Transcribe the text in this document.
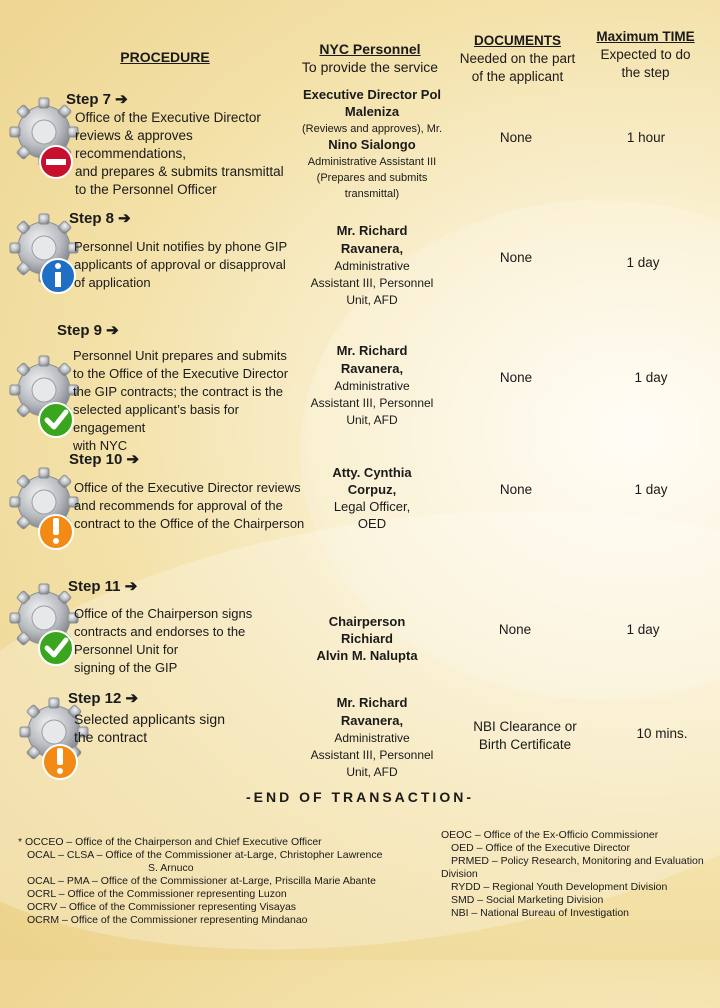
PROCEDURE	NYC Personnel
To provide the service
DOCUMENTS
Needed on the part
of the applicant
Maximum TIME
Expected to do
the step
Step 7 ➔
Office of the Executive Director
reviews & approves
recommendations,
and prepares & submits transmittal
to the Personnel Officer
Executive Director Pol
Maleniza
(Reviews and approves), Mr.
Nino Sialongo
Administrative Assistant III
(Prepares and submits
transmittal)
None	1 hour
Step 8 ➔
Personnel Unit notifies by phone GIP
applicants of approval or disapproval
of application
Mr. Richard
Ravanera,
Administrative
Assistant III, Personnel
Unit, AFD
None	1 day
Step 9 ➔
Personnel Unit prepares and submits
to the Office of the Executive Director
the GIP contracts; the contract is the
selected applicant’s basis for engagement
with NYC
Mr. Richard
Ravanera,
Administrative
Assistant III, Personnel
Unit, AFD
None	1 day
Step 10 ➔
Office of the Executive Director reviews
and recommends for approval of the
contract to the Office of the Chairperson
Atty. Cynthia
Corpuz,
Legal Officer,
OED
None	1 day
Step 11 ➔
Office of the Chairperson signs
contracts and endorses to the
Personnel Unit for
signing of the GIP
Chairperson
Richiard
Alvin M. Nalupta
None	1 day
Step 12 ➔
Selected applicants sign
the contract
Mr. Richard
Ravanera,
Administrative
Assistant III, Personnel
Unit, AFD
NBI Clearance or Birth Certificate
10 mins.
-END OF TRANSACTION-
* OCCEO – Office of the Chairperson and Chief Executive Officer
OCAL – CLSA – Office of the Commissioner at-Large, Christopher Lawrence
S. Arnuco
OCAL – PMA – Office of the Commissioner at-Large, Priscilla Marie Abante
OCRL – Office of the Commissioner representing Luzon
OCRV – Office of the Commissioner representing Visayas
OCRM – Office of the Commissioner representing Mindanao
OEOC – Office of the Ex-Officio Commissioner
OED – Office of the Executive Director
PRMED – Policy Research, Monitoring and Evaluation
Division
RYDD – Regional Youth Development Division
SMD – Social Marketing Division
NBI – National Bureau of Investigation
